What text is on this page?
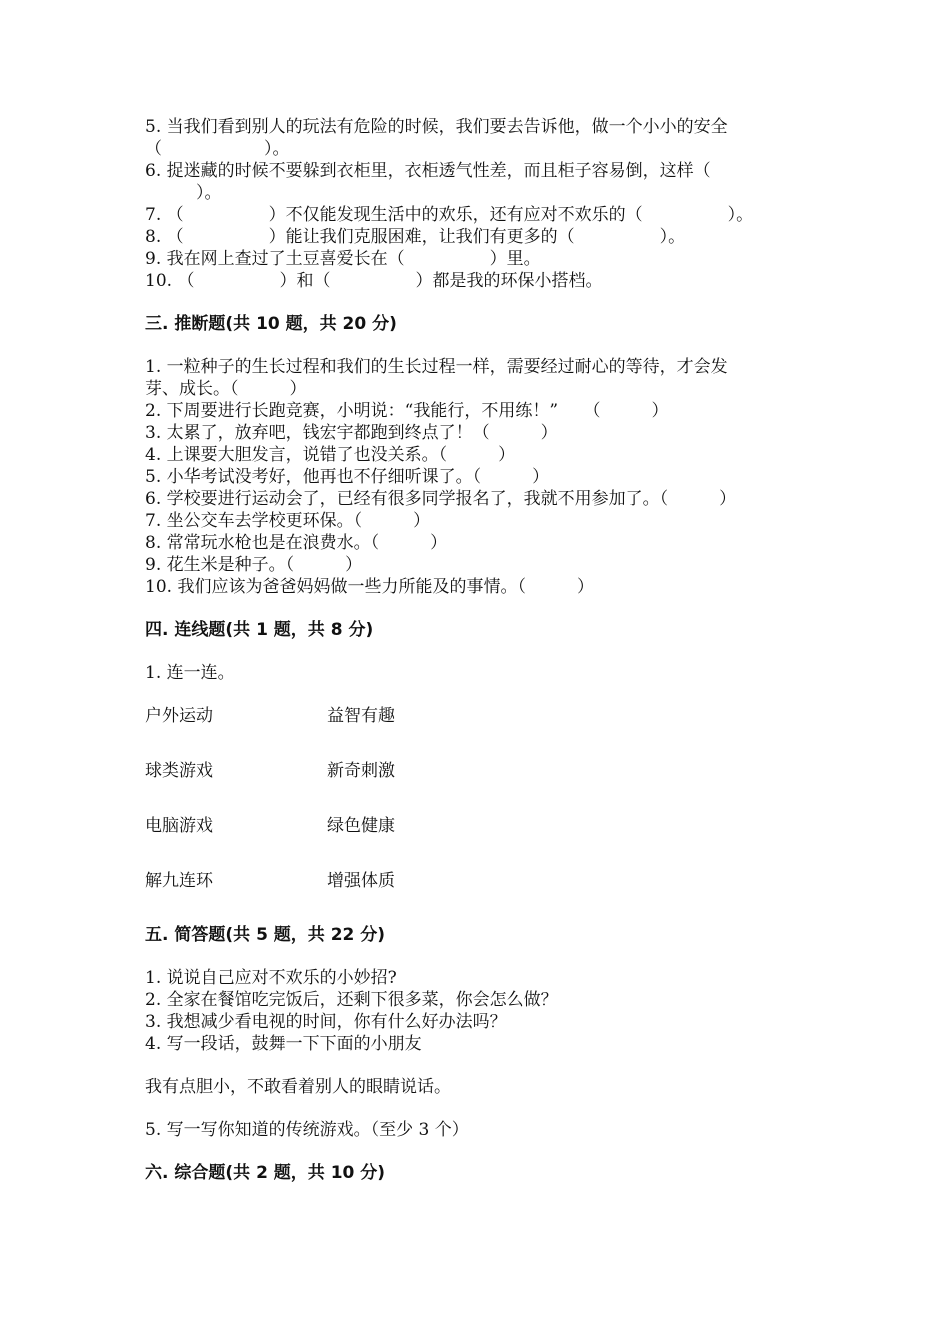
5. 当我们看到别人的玩法有危险的时候，我们要去告诉他，做一个小小的安全
（　　　　　　）。
6. 捉迷藏的时候不要躲到衣柜里，衣柜透气性差，而且柜子容易倒，这样（
　　　）。
7. （　　　　　）不仅能发现生活中的欢乐，还有应对不欢乐的（　　　　　）。
8. （　　　　　）能让我们克服困难，让我们有更多的（　　　　　）。
9. 我在网上查过了土豆喜爱长在（　　　　　）里。
10. （　　　　　）和（　　　　　）都是我的环保小搭档。
三. 推断题(共 10 题，共 20 分)
1. 一粒种子的生长过程和我们的生长过程一样，需要经过耐心的等待，才会发
芽、成长。（　　　）
2. 下周要进行长跑竞赛，小明说：“我能行，不用练！”　　（　　　）
3. 太累了，放弃吧，钱宏宇都跑到终点了！（　　　）
4. 上课要大胆发言，说错了也没关系。（　　　）
5. 小华考试没考好，他再也不仔细听课了。（　　　）
6. 学校要进行运动会了，已经有很多同学报名了，我就不用参加了。（　　　）
7. 坐公交车去学校更环保。（　　　）
8. 常常玩水枪也是在浪费水。（　　　）
9. 花生米是种子。（　　　）
10. 我们应该为爸爸妈妈做一些力所能及的事情。（　　　）
四. 连线题(共 1 题，共 8 分)
1. 连一连。
户外运动	益智有趣
球类游戏	新奇刺激
电脑游戏	绿色健康
解九连环	增强体质
五. 简答题(共 5 题，共 22 分)
1. 说说自己应对不欢乐的小妙招?
2. 全家在餐馆吃完饭后，还剩下很多菜，你会怎么做？
3. 我想减少看电视的时间，你有什么好办法吗？
4. 写一段话，鼓舞一下下面的小朋友
我有点胆小，不敢看着别人的眼睛说话。
5. 写一写你知道的传统游戏。（至少 3 个）
六. 综合题(共 2 题，共 10 分)
